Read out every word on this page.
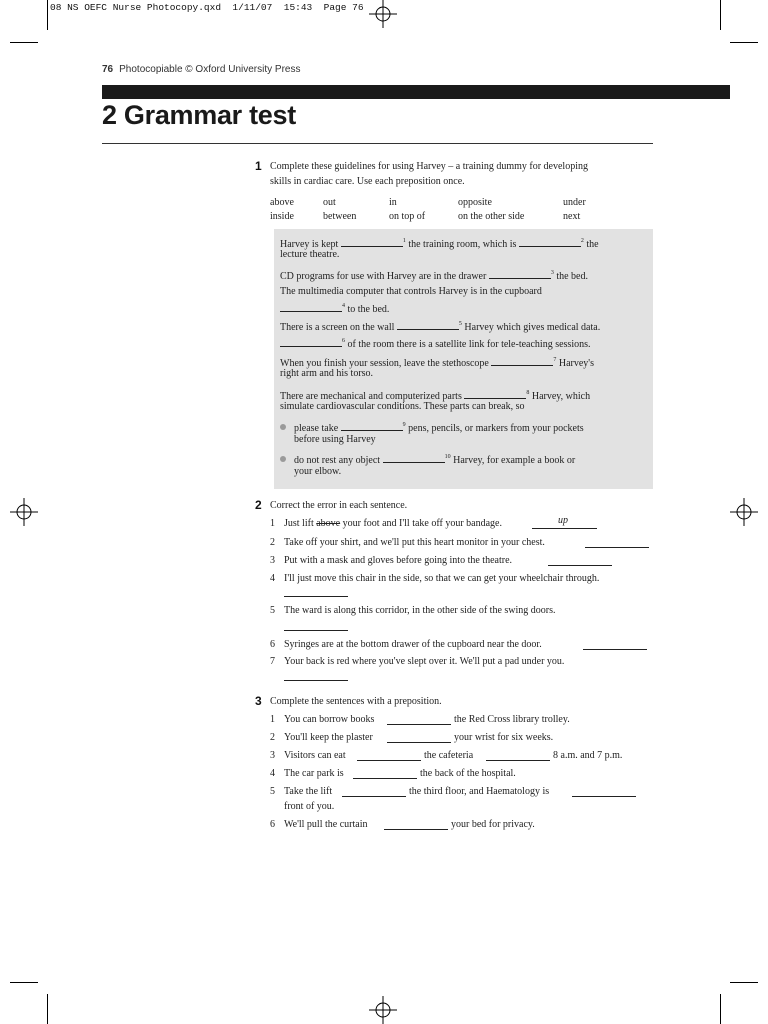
08 NS OEFC Nurse Photocopy.qxd  1/11/07  15:43  Page 76
76 Photocopiable © Oxford University Press
2 Grammar test
1 Complete these guidelines for using Harvey – a training dummy for developing
skills in cardiac care. Use each preposition once.
above	out	in	opposite	under
inside	between	on top of	on the other side	next
Harvey is kept	$^1$ the training room, which is	$^2$ the
lecture theatre.
CD programs for use with Harvey are in the drawer	$^3$ the bed.
The multimedia computer that controls Harvey is in the cupboard
$^4$ to the bed.
There is a screen on the wall	$^5$ Harvey which gives medical data.
$^6$ of the room there is a satellite link for tele-teaching sessions.
When you finish your session, leave the stethoscope	$^7$ Harvey's
right arm and his torso.
There are mechanical and computerized parts	$^8$ Harvey, which
simulate cardiovascular conditions. These parts can break, so
please take	$^9$ pens, pencils, or markers from your pockets
before using Harvey
do not rest any object	$^{10}$ Harvey, for example a book or
your elbow.
2 Correct the error in each sentence.
1 Just lift above your foot and I'll take off your bandage.	up
2 Take off your shirt, and we'll put this heart monitor in your chest.
3 Put with a mask and gloves before going into the theatre.
4 I'll just move this chair in the side, so that we can get your wheelchair through.
5 The ward is along this corridor, in the other side of the swing doors.
6 Syringes are at the bottom drawer of the cupboard near the door.
7 Your back is red where you've slept over it. We'll put a pad under you.
3 Complete the sentences with a preposition.
1 You can borrow books	the Red Cross library trolley.
2 You'll keep the plaster	your wrist for six weeks.
3 Visitors can eat	the cafeteria	8 a.m. and 7 p.m.
4 The car park is	the back of the hospital.
5 Take the lift	the third floor, and Haematology is
front of you.
6 We'll pull the curtain	your bed for privacy.
